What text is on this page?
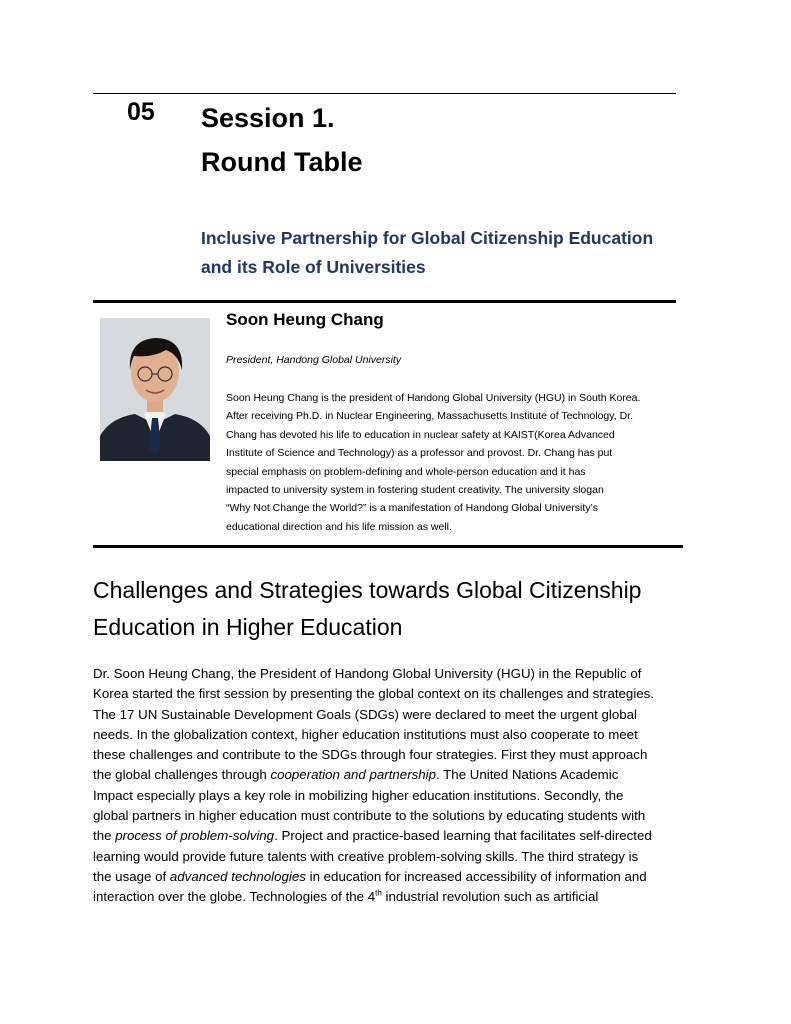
05 Session 1.
Round Table
Inclusive Partnership for Global Citizenship Education
and its Role of Universities
Soon Heung Chang
President, Handong Global University
Soon Heung Chang is the president of Handong Global University (HGU) in South Korea.
After receiving Ph.D. in Nuclear Engineering, Massachusetts Institute of Technology, Dr.
Chang has devoted his life to education in nuclear safety at KAIST(Korea Advanced
Institute of Science and Technology) as a professor and provost. Dr. Chang has put
special emphasis on problem-defining and whole-person education and it has
impacted to university system in fostering student creativity. The university slogan
“Why Not Change the World?” is a manifestation of Handong Global University’s
educational direction and his life mission as well.
Challenges and Strategies towards Global Citizenship
Education in Higher Education

Dr. Soon Heung Chang, the President of Handong Global University (HGU) in the Republic of

Korea started the first session by presenting the global context on its challenges and strategies.

The 17 UN Sustainable Development Goals (SDGs) were declared to meet the urgent global

needs. In the globalization context, higher education institutions must also cooperate to meet

these challenges and contribute to the SDGs through four strategies. First they must approach

the global challenges through cooperation and partnership. The United Nations Academic

Impact especially plays a key role in mobilizing higher education institutions. Secondly, the

global partners in higher education must contribute to the solutions by educating students with

the process of problem-solving. Project and practice-based learning that facilitates self-directed

learning would provide future talents with creative problem-solving skills. The third strategy is

the usage of advanced technologies in education for increased accessibility of information and

interaction over the globe. Technologies of the 4th industrial revolution such as artificial
